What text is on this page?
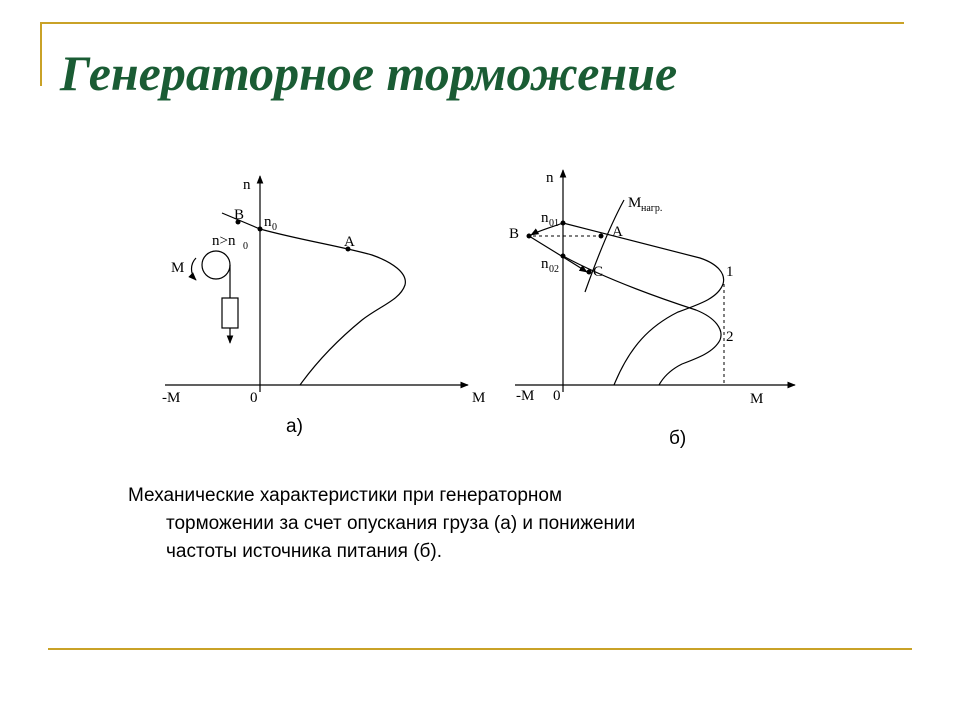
Генераторное торможение
n
M
-M	0
B
A
n 0
n>n 0
M
а)
n
M
-M 0
B	A
C
n 01
n 02
M нагр.
1
2
б)
Механические характеристики при генераторном
торможении за счет опускания груза (а) и понижении
частоты источника питания (б).
